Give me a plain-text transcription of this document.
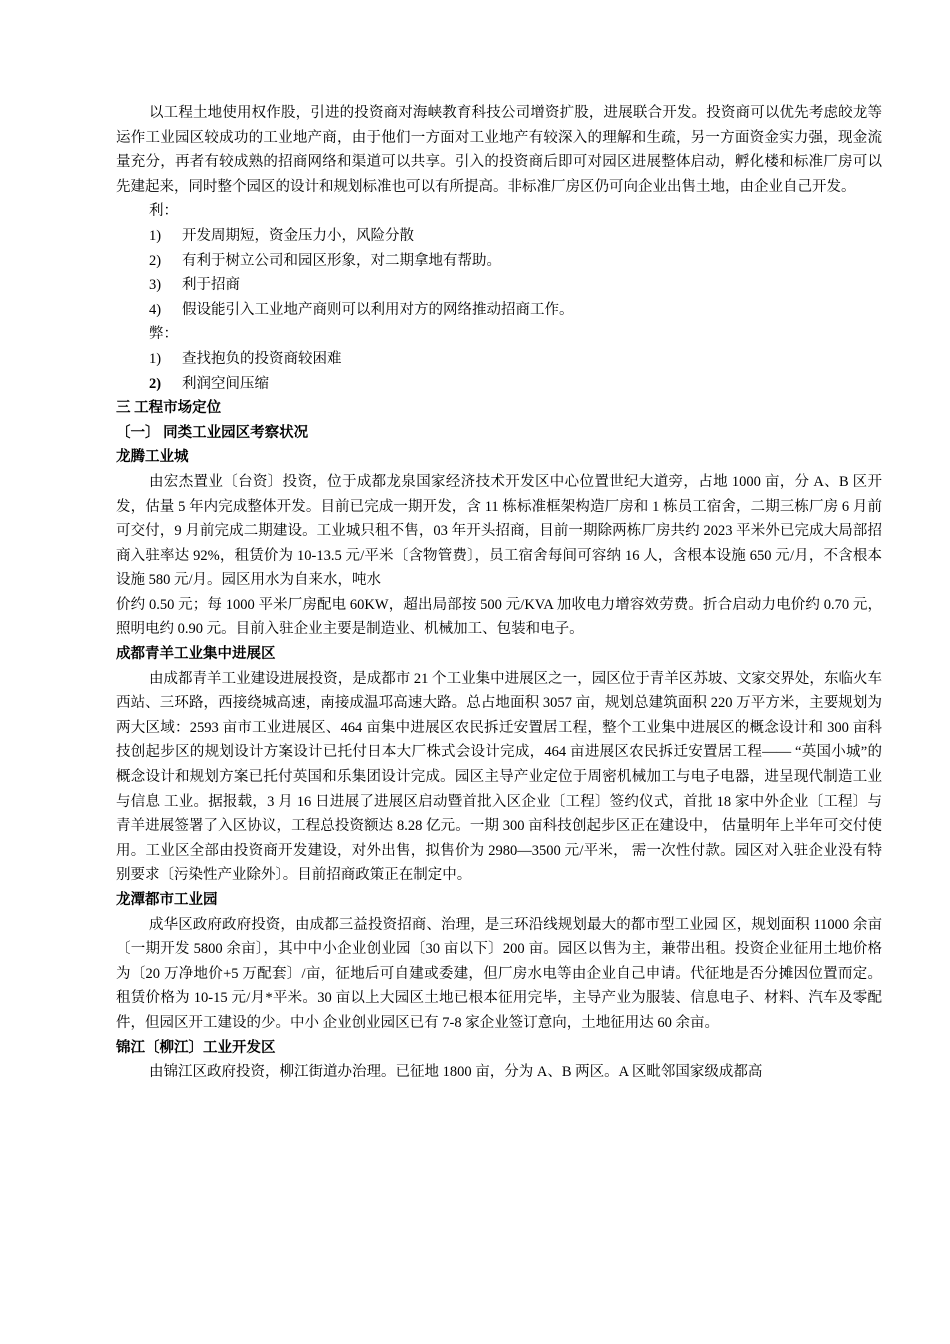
以工程土地使用权作股，引进的投资商对海峡教育科技公司增资扩股，进展联合开发。投资商可以优先考虑皎龙等运作工业园区较成功的工业地产商，由于他们一方面对工业地产有较深入的理解和生疏，另一方面资金实力强，现金流量充分，再者有较成熟的招商网络和渠道可以共享。引入的投资商后即可对园区进展整体启动，孵化楼和标准厂房可以先建起来，同时整个园区的设计和规划标准也可以有所提高。非标准厂房区仍可向企业出售土地，由企业自己开发。

利：

1)	开发周期短，资金压力小，风险分散
2)	有利于树立公司和园区形象，对二期拿地有帮助。
3)	利于招商
4)	假设能引入工业地产商则可以利用对方的网络推动招商工作。

弊：

1)	查找抱负的投资商较困难
2)	利润空间压缩
三 工程市场定位
〔一〕 同类工业园区考察状况
龙腾工业城

由宏杰置业〔台资〕投资，位于成都龙泉国家经济技术开发区中心位置世纪大道旁，占地 1000 亩，分 A、B 区开发，估量 5 年内完成整体开发。目前已完成一期开发，含 11 栋标准框架构造厂房和 1 栋员工宿舍，二期三栋厂房 6 月前可交付，9 月前完成二期建设。工业城只租不售，03 年开头招商，目前一期除两栋厂房共约 2023 平米外已完成大局部招商入驻率达 92%，租赁价为 10-13.5 元/平米〔含物管费〕，员工宿舍每间可容纳 16 人，含根本设施 650 元/月，不含根本设施 580 元/月。园区用水为自来水，吨水

价约 0.50 元；每 1000 平米厂房配电 60KW，超出局部按 500 元/KVA 加收电力增容效劳费。折合启动力电价约 0.70 元，照明电约 0.90 元。目前入驻企业主要是制造业、机械加工、包装和电子。

成都青羊工业集中进展区

由成都青羊工业建设进展投资，是成都市 21 个工业集中进展区之一，园区位于青羊区苏坡、文家交界处，东临火车西站、三环路，西接绕城高速，南接成温邛高速大路。总占地面积 3057 亩，规划总建筑面积 220 万平方米，主要规划为两大区域：2593 亩市工业进展区、464 亩集中进展区农民拆迁安置居工程，整个工业集中进展区的概念设计和 300 亩科技创起步区的规划设计方案设计已托付日本大厂株式会设计完成，464 亩进展区农民拆迁安置居工程—— “英国小城”的概念设计和规划方案已托付英国和乐集团设计完成。园区主导产业定位于周密机械加工与电子电器，进呈现代制造工业与信息 工业。据报载，3 月 16 日进展了进展区启动暨首批入区企业〔工程〕签约仪式，首批 18 家中外企业〔工程〕与青羊进展签署了入区协议，工程总投资额达 8.28 亿元。一期 300 亩科技创起步区正在建设中， 估量明年上半年可交付使用。工业区全部由投资商开发建设，对外出售，拟售价为 2980—3500 元/平米， 需一次性付款。园区对入驻企业没有特别要求〔污染性产业除外〕。目前招商政策正在制定中。

龙潭都市工业园

成华区政府政府投资，由成都三益投资招商、治理，是三环沿线规划最大的都市型工业园 区，规划面积 11000 余亩〔一期开发 5800 余亩〕，其中中小企业创业园〔30 亩以下〕200 亩。园区以售为主，兼带出租。投资企业征用土地价格为〔20 万净地价+5 万配套〕/亩，征地后可自建或委建，但厂房水电等由企业自己申请。代征地是否分摊因位置而定。租赁价格为 10-15 元/月*平米。30 亩以上大园区土地已根本征用完毕，主导产业为服装、信息电子、材料、汽车及零配件，但园区开工建设的少。中小 企业创业园区已有 7-8 家企业签订意向，土地征用达 60 余亩。

锦江〔柳江〕工业开发区

由锦江区政府投资，柳江街道办治理。已征地 1800 亩，分为 A、B 两区。A 区毗邻国家级成都高
